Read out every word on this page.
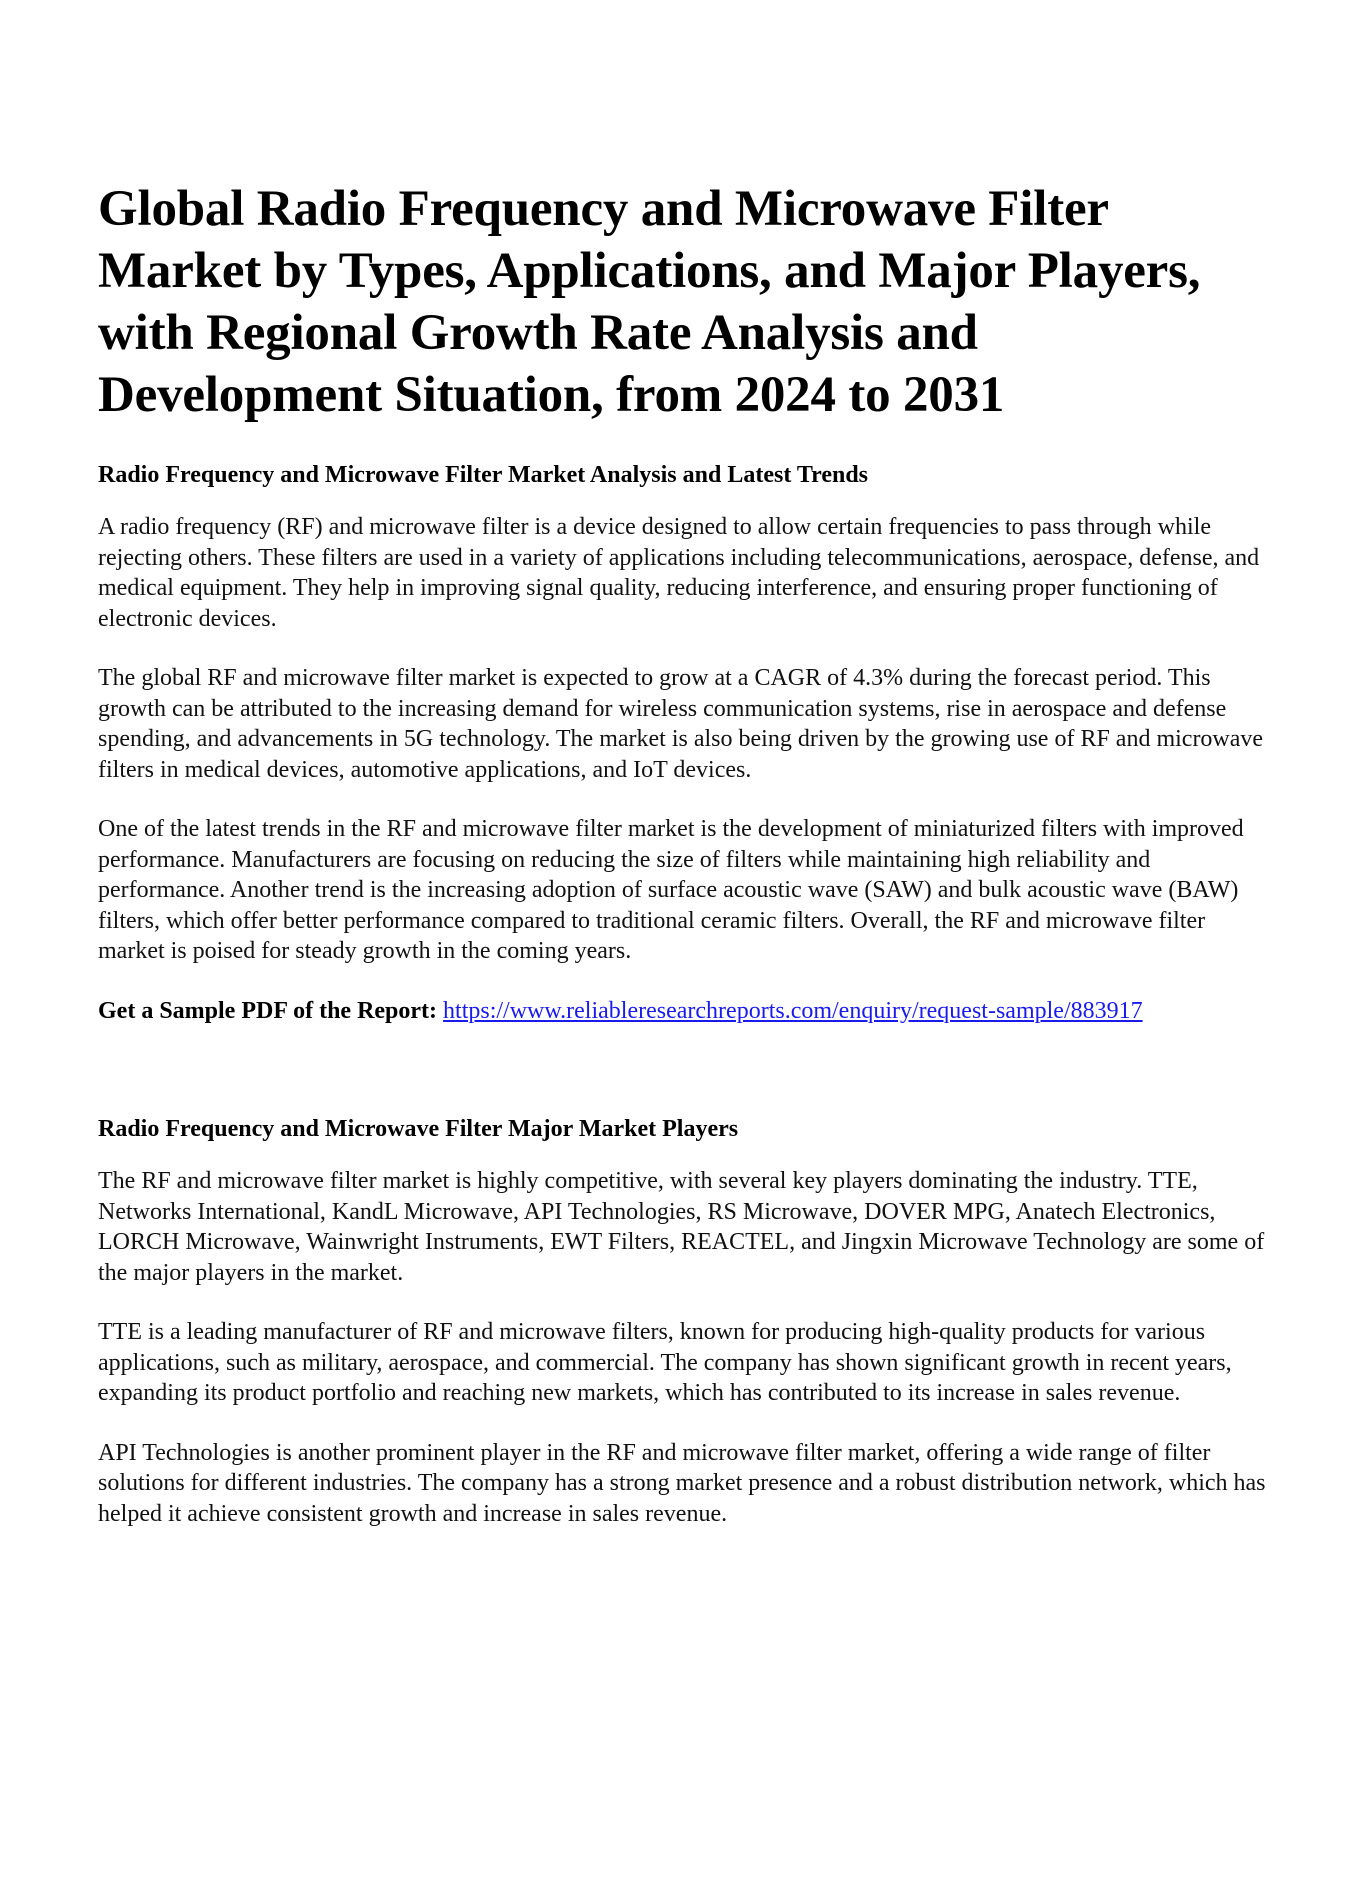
Global Radio Frequency and Microwave Filter Market by Types, Applications, and Major Players, with Regional Growth Rate Analysis and Development Situation, from 2024 to 2031
Radio Frequency and Microwave Filter Market Analysis and Latest Trends

A radio frequency (RF) and microwave filter is a device designed to allow certain frequencies to pass through while rejecting others. These filters are used in a variety of applications including telecommunications, aerospace, defense, and medical equipment. They help in improving signal quality, reducing interference, and ensuring proper functioning of electronic devices.

The global RF and microwave filter market is expected to grow at a CAGR of 4.3% during the forecast period. This growth can be attributed to the increasing demand for wireless communication systems, rise in aerospace and defense spending, and advancements in 5G technology. The market is also being driven by the growing use of RF and microwave filters in medical devices, automotive applications, and IoT devices.

One of the latest trends in the RF and microwave filter market is the development of miniaturized filters with improved performance. Manufacturers are focusing on reducing the size of filters while maintaining high reliability and performance. Another trend is the increasing adoption of surface acoustic wave (SAW) and bulk acoustic wave (BAW) filters, which offer better performance compared to traditional ceramic filters. Overall, the RF and microwave filter market is poised for steady growth in the coming years.

Get a Sample PDF of the Report: https://www.reliableresearchreports.com/enquiry/request-sample/883917
Radio Frequency and Microwave Filter Major Market Players

The RF and microwave filter market is highly competitive, with several key players dominating the industry. TTE, Networks International, KandL Microwave, API Technologies, RS Microwave, DOVER MPG, Anatech Electronics, LORCH Microwave, Wainwright Instruments, EWT Filters, REACTEL, and Jingxin Microwave Technology are some of the major players in the market.

TTE is a leading manufacturer of RF and microwave filters, known for producing high-quality products for various applications, such as military, aerospace, and commercial. The company has shown significant growth in recent years, expanding its product portfolio and reaching new markets, which has contributed to its increase in sales revenue.

API Technologies is another prominent player in the RF and microwave filter market, offering a wide range of filter solutions for different industries. The company has a strong market presence and a robust distribution network, which has helped it achieve consistent growth and increase in sales revenue.
